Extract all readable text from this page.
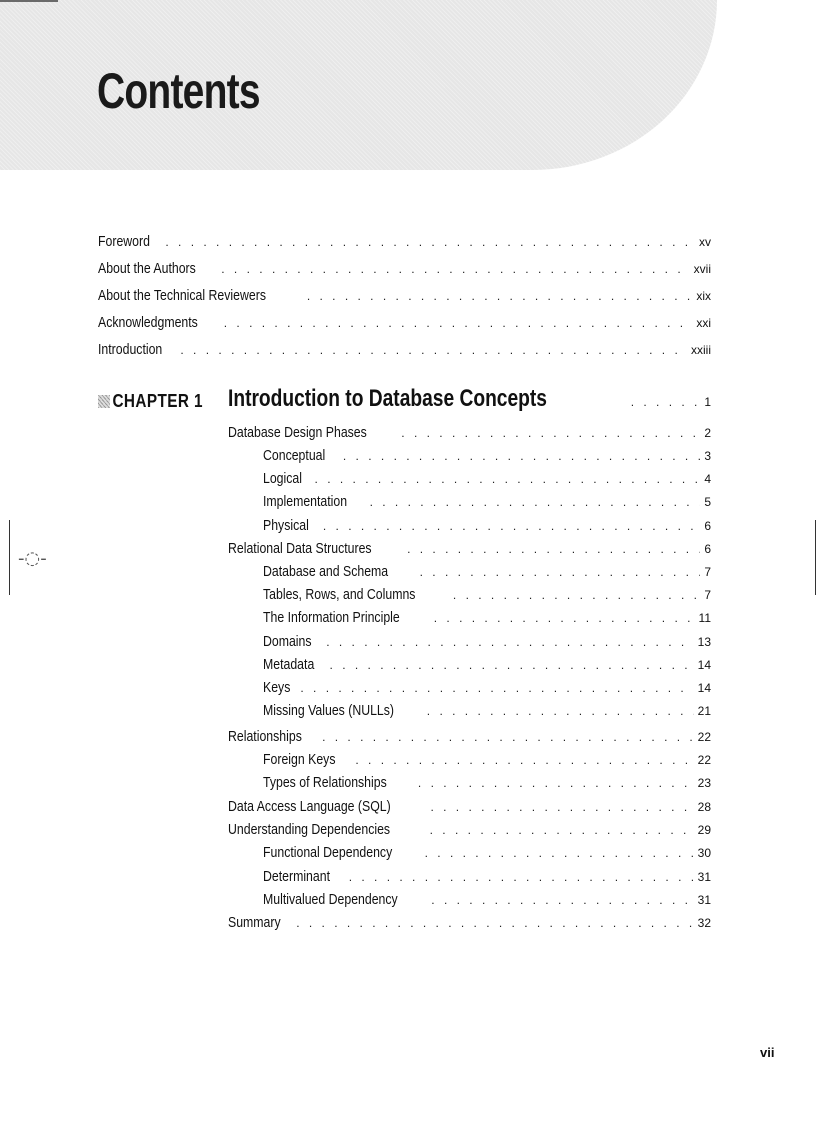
Contents
-◌-
Foreword . . .	xv
About the Authors . . .	xvii
About the Technical Reviewers . . .	xix
Acknowledgments . . .	xxi
Introduction . . .	xxiii
CHAPTER 1 Introduction to Database Concepts . . .	1
Database Design Phases . . .	2
Conceptual . . .	3
Logical . . .	4
Implementation . . .	5
Physical . . .	6
Relational Data Structures . . .	6
Database and Schema . . .	7
Tables, Rows, and Columns . . .	7
The Information Principle . . .	11
Domains . . .	13
Metadata . . .	14
Keys . . .	14
Missing Values (NULLs) . . .	21
Relationships . . .	22
Foreign Keys . . .	22
Types of Relationships . . .	23
Data Access Language (SQL) . . .	28
Understanding Dependencies . . .	29
Functional Dependency . . .	30
Determinant . . .	31
Multivalued Dependency . . .	31
Summary . . .	32
vii
